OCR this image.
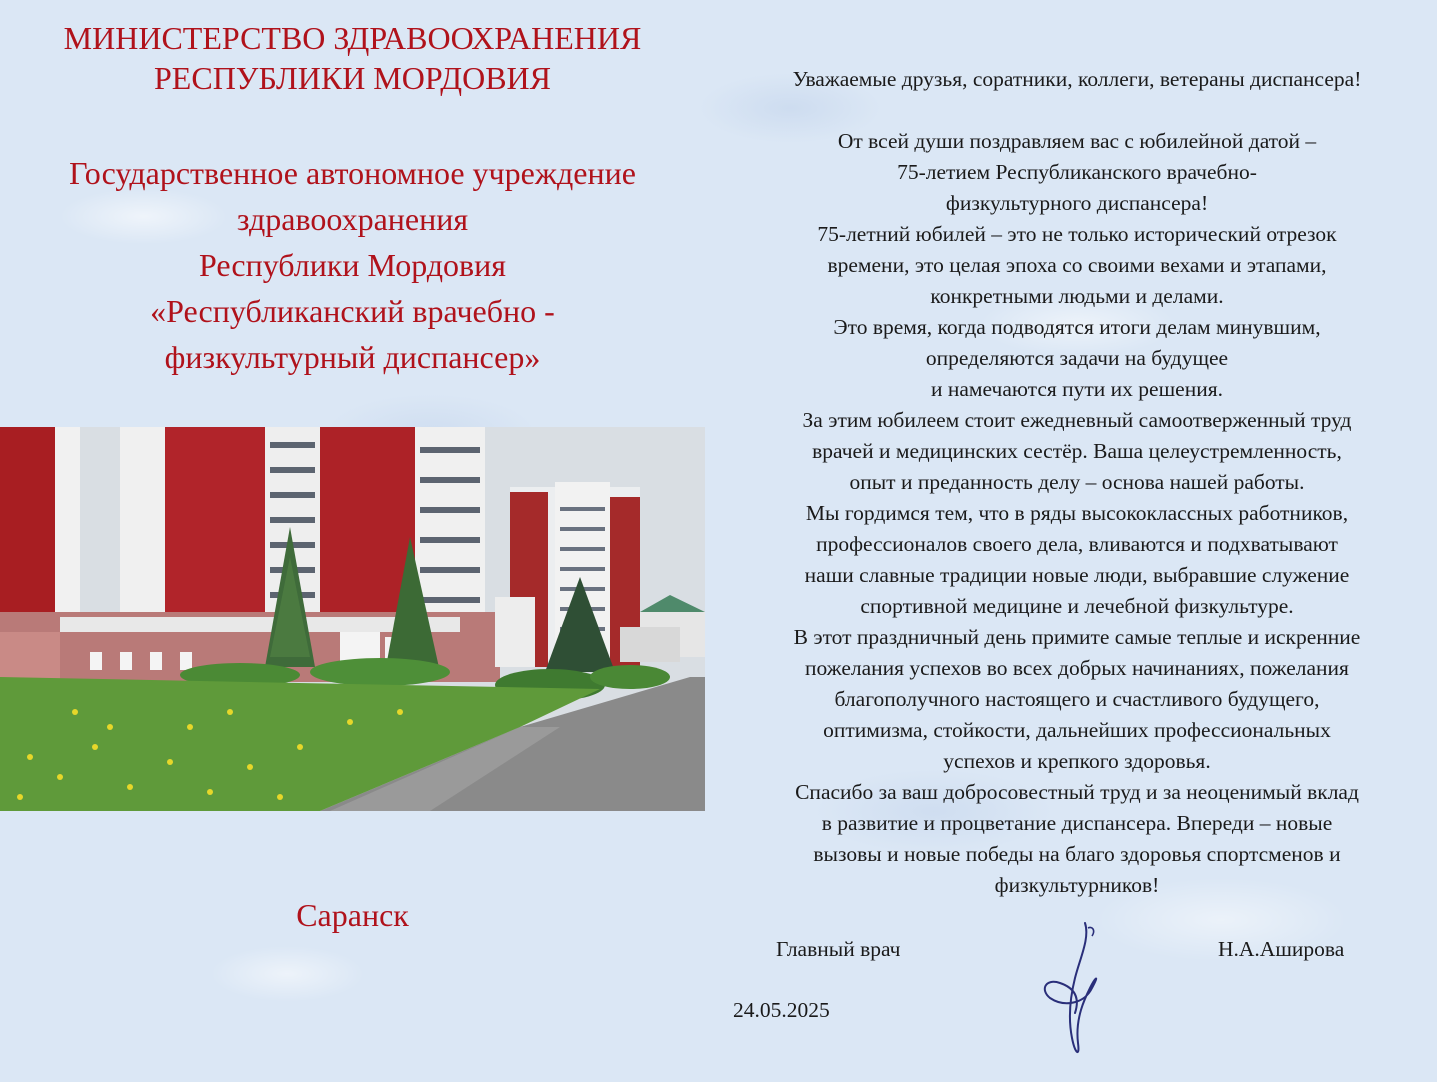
МИНИСТЕРСТВО ЗДРАВООХРАНЕНИЯ
РЕСПУБЛИКИ МОРДОВИЯ
Государственное автономное учреждение
здравоохранения
Республики Мордовия
«Республиканский врачебно -
физкультурный диспансер»
Саранск

Уважаемые друзья, соратники, коллеги, ветераны диспансера!

От всей души поздравляем вас с юбилейной датой –

75-летием Республиканского врачебно-

физкультурного диспансера!

75-летний юбилей – это не только исторический отрезок

времени, это целая эпоха со своими вехами и этапами,

конкретными людьми и делами.

Это время, когда подводятся итоги делам минувшим,

определяются задачи на будущее

и намечаются пути их решения.

За этим юбилеем стоит ежедневный самоотверженный труд

врачей и медицинских сестёр. Ваша целеустремленность,

опыт и преданность делу – основа нашей работы.

Мы гордимся тем, что в ряды высококлассных работников,

профессионалов своего дела, вливаются и подхватывают

наши славные традиции новые люди, выбравшие служение

спортивной медицине и лечебной физкультуре.

В этот праздничный день примите самые теплые и искренние

пожелания успехов во всех добрых начинаниях, пожелания

благополучного настоящего и счастливого будущего,

оптимизма, стойкости, дальнейших профессиональных

успехов и крепкого здоровья.

Спасибо за ваш добросовестный труд и за неоценимый вклад

в развитие и процветание диспансера. Впереди – новые

вызовы и новые победы на благо здоровья спортсменов и

физкультурников!

Главный врач	Н.А.Аширова
24.05.2025
